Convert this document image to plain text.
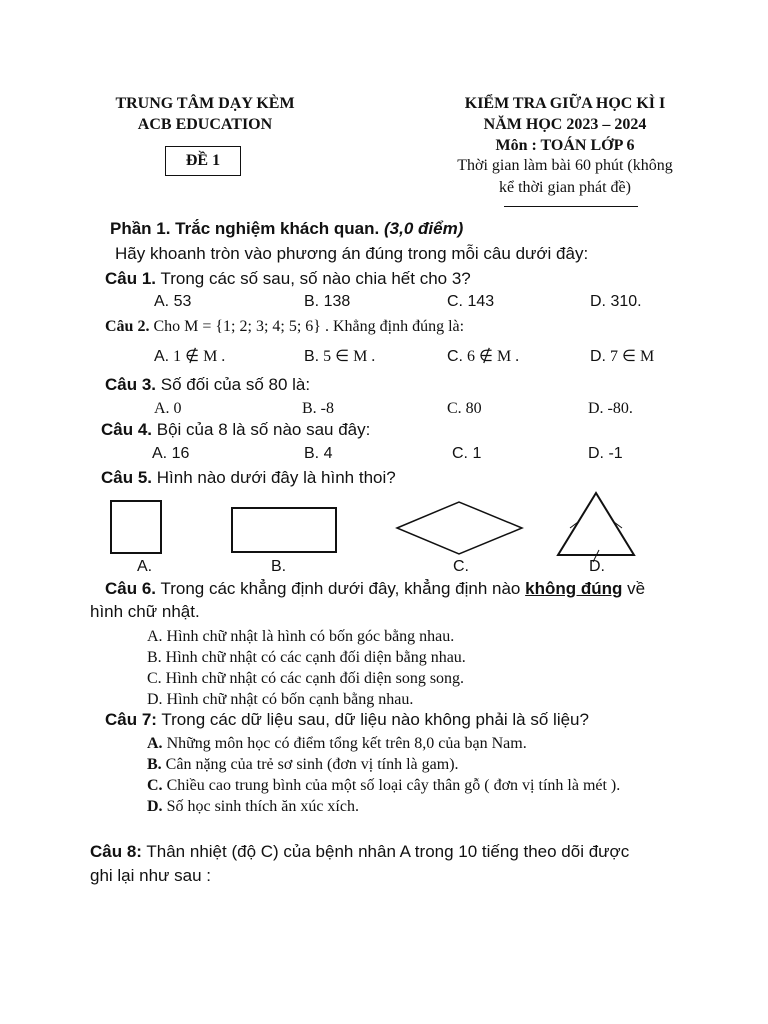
TRUNG TÂM DẠY KÈM
ACB EDUCATION
ĐỀ 1
KIỂM TRA GIỮA HỌC KÌ I
NĂM HỌC 2023 – 2024
Môn : TOÁN LỚP 6
Thời gian làm bài 60 phút (không
kể thời gian phát đề)
Phần 1. Trắc nghiệm khách quan. (3,0 điểm)
Hãy khoanh tròn vào phương án đúng trong mỗi câu dưới đây:
Câu 1. Trong các số sau, số nào chia hết cho 3?
A. 53	B. 138	C. 143	D. 310.
Câu 2. Cho M = {1; 2; 3; 4; 5; 6} . Khẳng định đúng là:
A. 1 ∉ M .	B. 5 ∈ M .	C. 6 ∉ M .	D. 7 ∈ M
Câu 3. Số đối của số 80 là:
A. 0	B. -8	C. 80	D. -80.
Câu 4. Bội của 8 là số nào sau đây:
A. 16	B. 4	C. 1	D. -1
Câu 5. Hình nào dưới đây là hình thoi?
A.	B.	C.	D.
Câu 6. Trong các khẳng định dưới đây, khẳng định nào không đúng về
hình chữ nhật.
A. Hình chữ nhật là hình có bốn góc bằng nhau.
B. Hình chữ nhật có các cạnh đối diện bằng nhau.
C. Hình chữ nhật có các cạnh đối diện song song.
D. Hình chữ nhật có bốn cạnh bằng nhau.
Câu 7: Trong các dữ liệu sau, dữ liệu nào không phải là số liệu?
A. Những môn học có điểm tổng kết trên 8,0 của bạn Nam.
B. Cân nặng của trẻ sơ sinh (đơn vị tính là gam).
C. Chiều cao trung bình của một số loại cây thân gỗ ( đơn vị tính là mét ).
D. Số học sinh thích ăn xúc xích.
Câu 8: Thân nhiệt (độ C) của bệnh nhân A trong 10 tiếng theo dõi được
ghi lại như sau :
